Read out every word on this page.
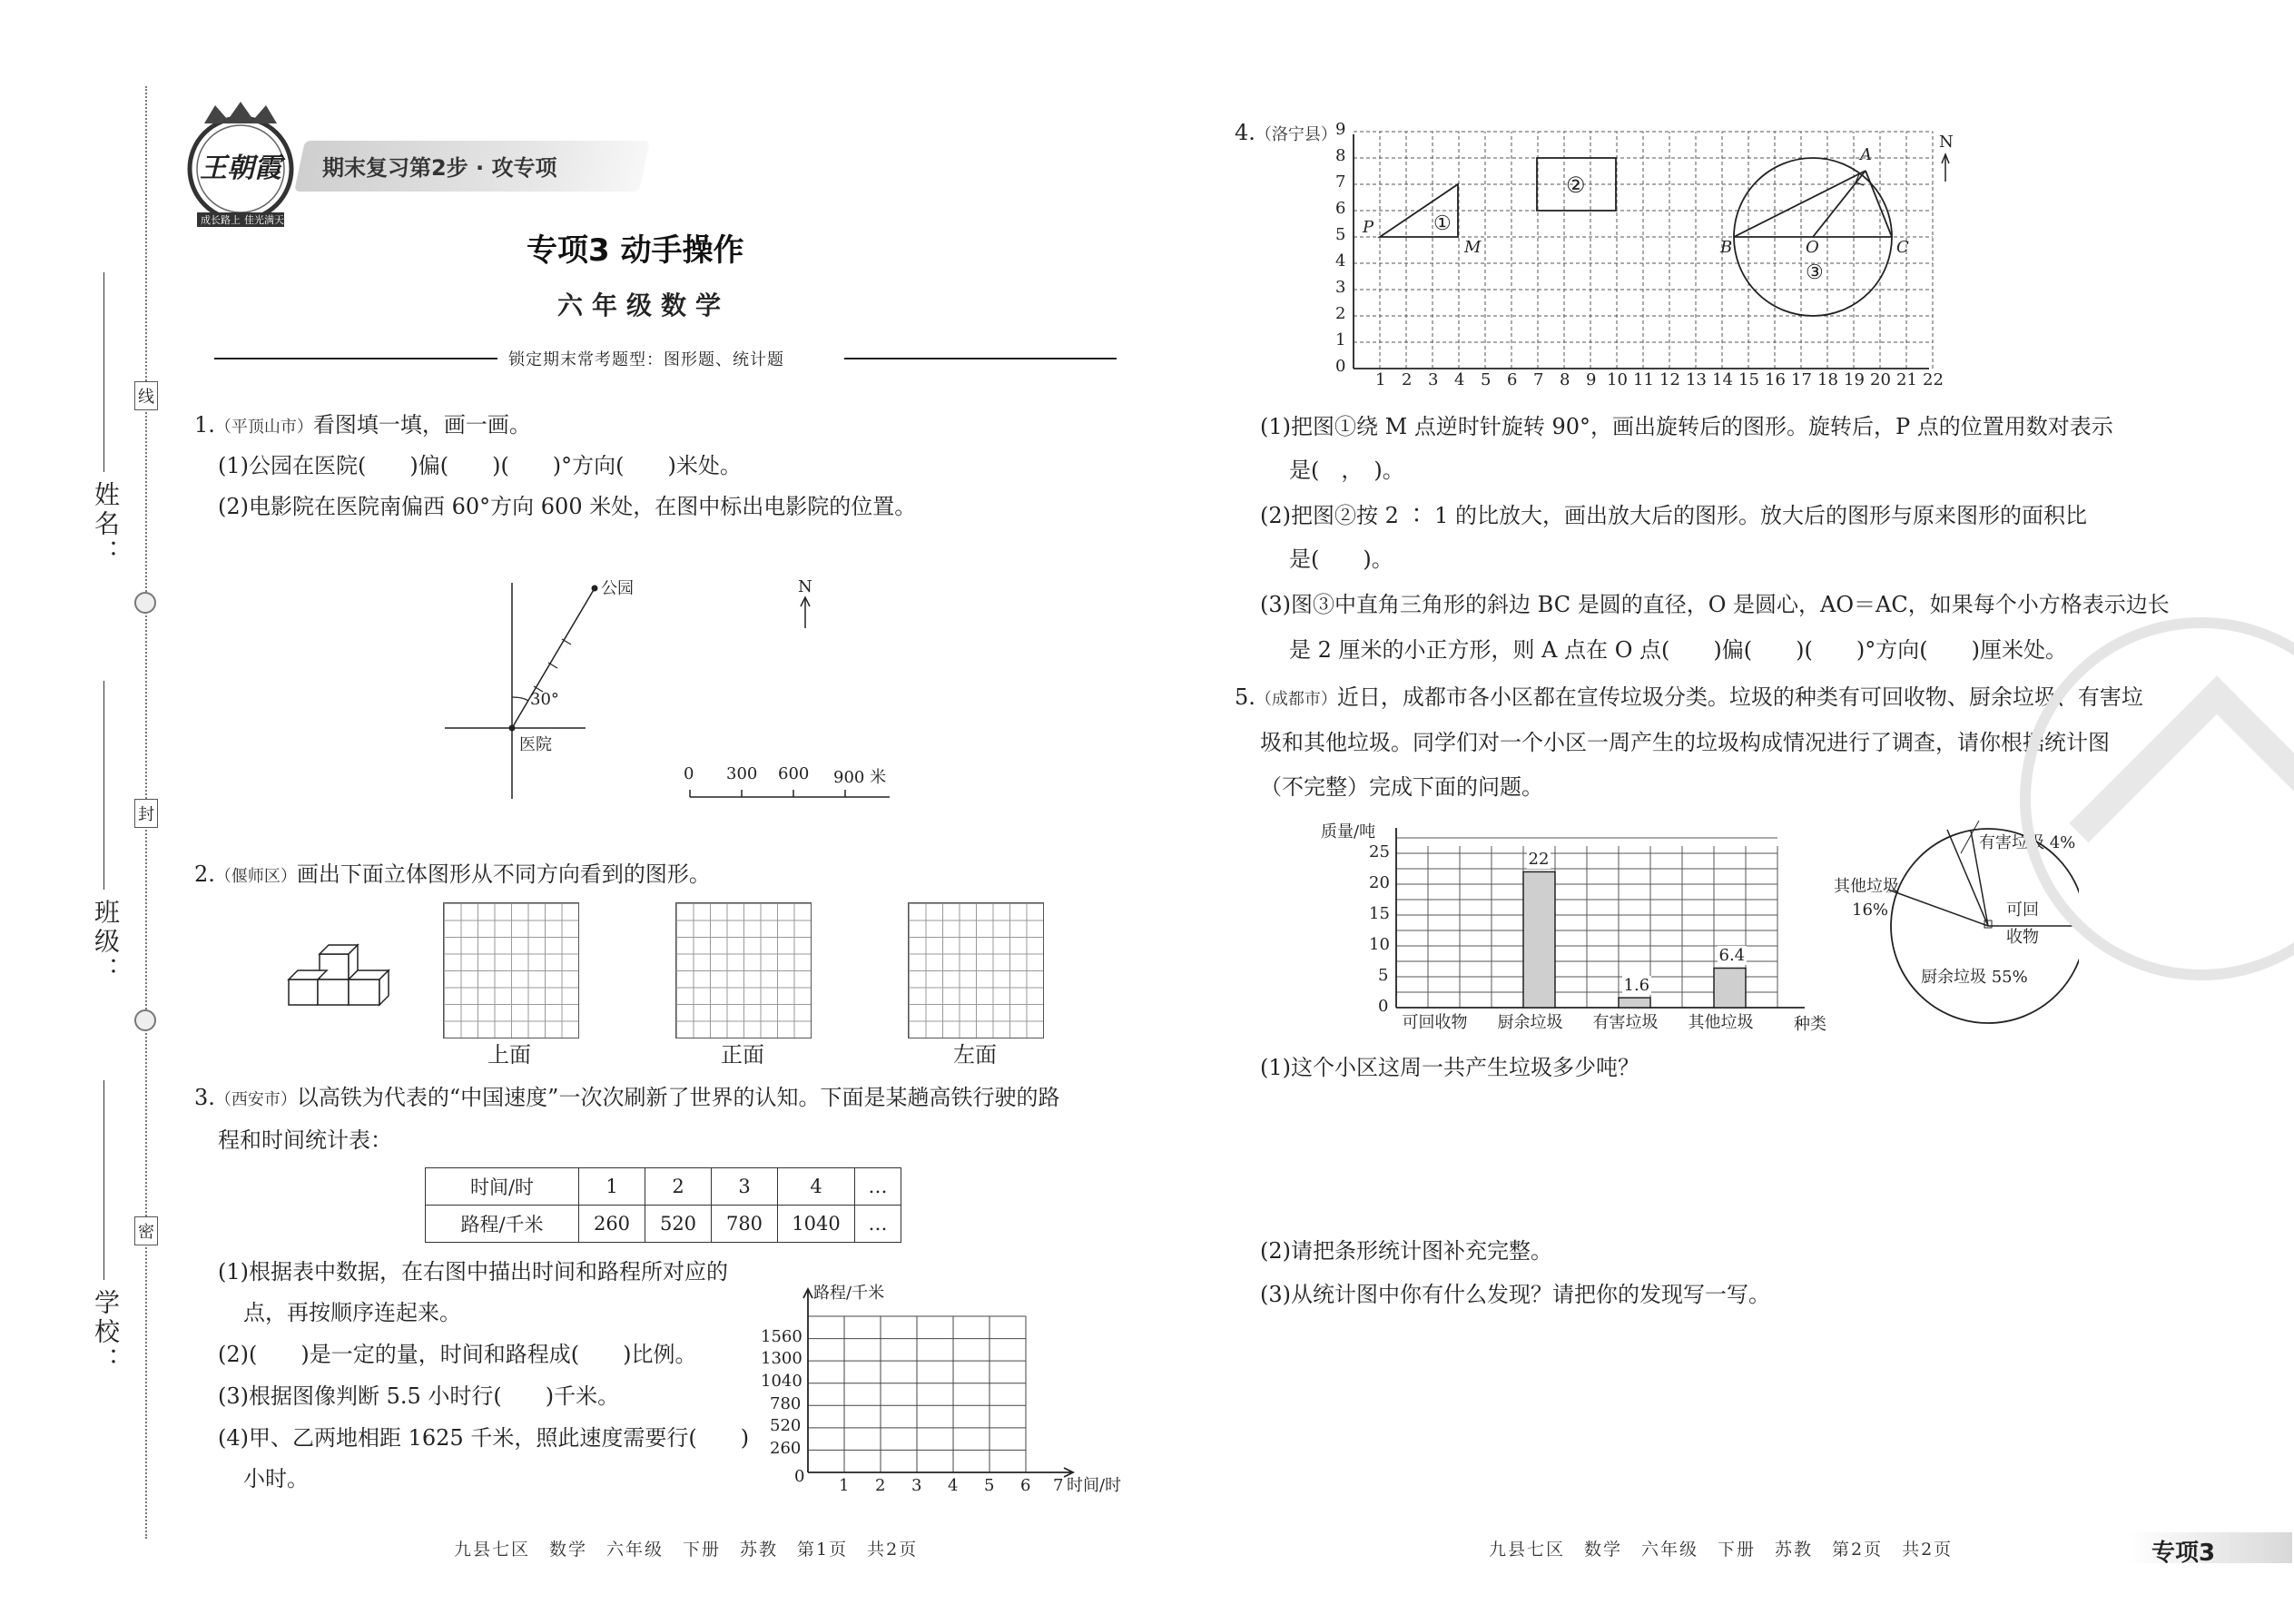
姓名：
班级：
学校：
线
封
密
王朝霞
成长路上 佳光满天
期末复习第2步 · 攻专项
专项3 动手操作
六年级数学
锁定期末常考题型：图形题、统计题
1.（平顶山市）看图填一填，画一画。
(1)公园在医院(　　)偏(　　)(　　)°方向(　　)米处。
(2)电影院在医院南偏西 60°方向 600 米处，在图中标出电影院的位置。
公园
医院
30°
N
0 300 600 900 米
2.（偃师区）画出下面立体图形从不同方向看到的图形。
上面	正面	左面
3.（西安市）以高铁为代表的“中国速度”一次次刷新了世界的认知。下面是某趟高铁行驶的路
程和时间统计表：
时间/时	1	2	3	4	…
路程/千米	260	520	780	1040	…
(1)根据表中数据，在右图中描出时间和路程所对应的
点，再按顺序连起来。
(2)(　　)是一定的量，时间和路程成(　　)比例。
(3)根据图像判断 5.5 小时行(　　)千米。
(4)甲、乙两地相距 1625 千米，照此速度需要行(　　)
小时。
路程/千米
时间/时
0
1560
1300
1040
780
520
260
1 2 3 4 5 6 7
九县七区　数学　六年级　下册　苏教　第1页　共2页
4.（洛宁县）
P
M
①
②
A
B	O	C
③
N
0
1
2
3
4
5
6
7
8
9
1 2 3 4 5 6 7 8 9 10 11 12 13 14 15 16 17 18 19 20 21 22
(1)把图①绕 M 点逆时针旋转 90°，画出旋转后的图形。旋转后，P 点的位置用数对表示
是(　，　)。
(2)把图②按 2 ∶ 1 的比放大，画出放大后的图形。放大后的图形与原来图形的面积比
是(　　)。
(3)图③中直角三角形的斜边 BC 是圆的直径，O 是圆心，AO＝AC，如果每个小方格表示边长
是 2 厘米的小正方形，则 A 点在 O 点(　　)偏(　　)(　　)°方向(　　)厘米处。
5.（成都市）近日，成都市各小区都在宣传垃圾分类。垃圾的种类有可回收物、厨余垃圾、有害垃
圾和其他垃圾。同学们对一个小区一周产生的垃圾构成情况进行了调查，请你根据统计图
（不完整）完成下面的问题。
质量/吨
种类
可回收物
22
厨余垃圾
1.6
有害垃圾
6.4
其他垃圾
0
5
10
15
20
25	有害垃圾 4%
其他垃圾
16%	可回
收物
厨余垃圾 55%
(1)这个小区这周一共产生垃圾多少吨？
(2)请把条形统计图补充完整。
(3)从统计图中你有什么发现？请把你的发现写一写。
九县七区　数学　六年级　下册　苏教　第2页　共2页	专项3
